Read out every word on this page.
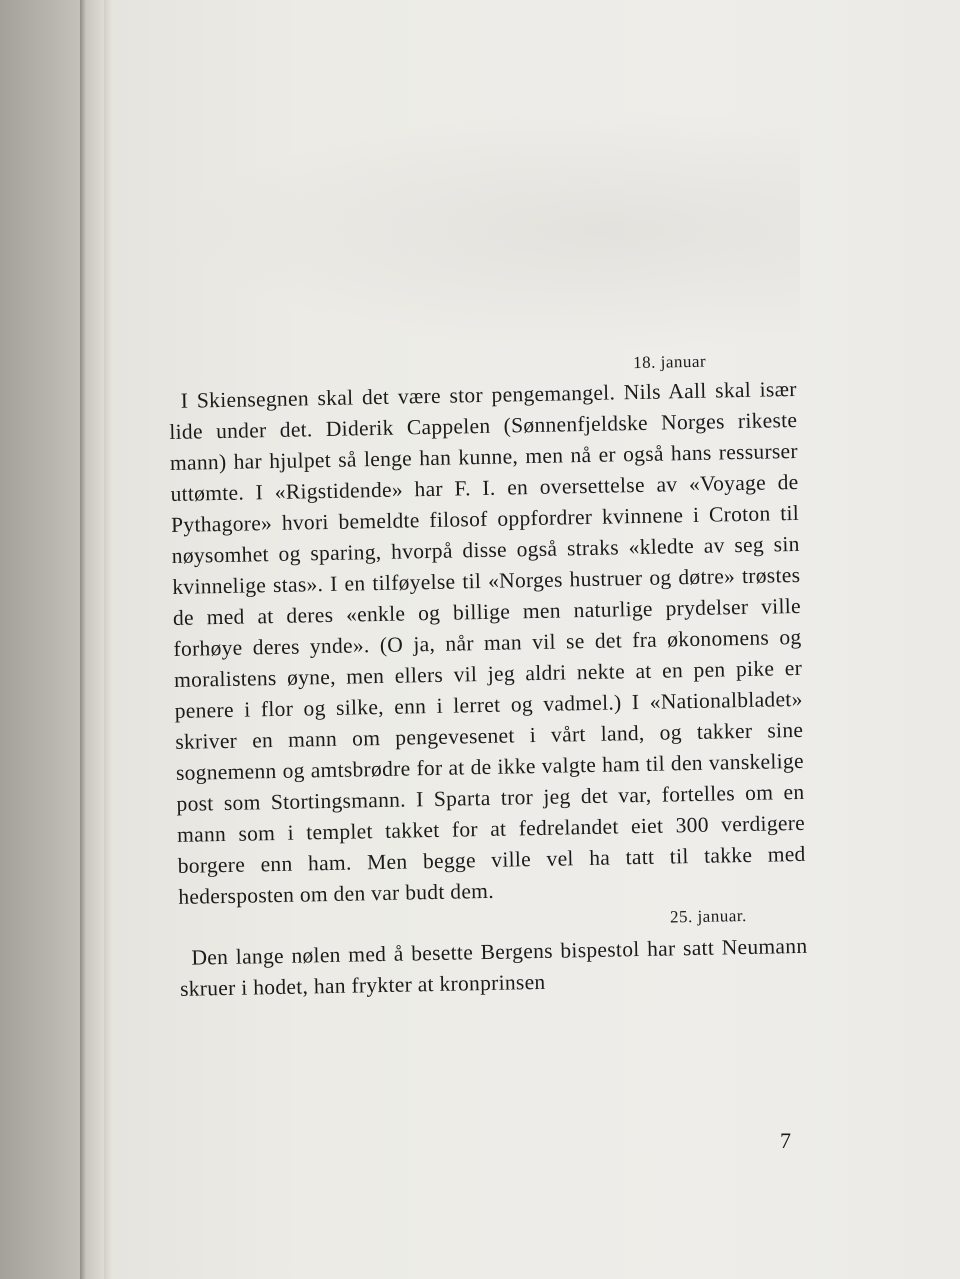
18. januar

I Skiensegnen skal det være stor pengemangel. Nils Aall skal især lide under det. Diderik Cappelen (Sønnenfjeldske Norges rikeste mann) har hjulpet så lenge han kunne, men nå er også hans ressurser uttømte. I «Rigstidende» har F. I. en oversettelse av «Voyage de Pythagore» hvori bemeldte filosof oppfordrer kvinnene i Croton til nøysomhet og sparing, hvorpå disse også straks «kledte av seg sin kvinnelige stas». I en tilføyelse til «Norges hustruer og døtre» trøstes de med at deres «enkle og billige men naturlige prydelser ville forhøye deres ynde». (O ja, når man vil se det fra økonomens og moralistens øyne, men ellers vil jeg aldri nekte at en pen pike er penere i flor og silke, enn i lerret og vadmel.) I «Nationalbladet» skriver en mann om pengevesenet i vårt land, og takker sine sognemenn og amtsbrødre for at de ikke valgte ham til den vanskelige post som Stortingsmann. I Sparta tror jeg det var, fortelles om en mann som i templet takket for at fedrelandet eiet 300 verdigere borgere enn ham. Men begge ville vel ha tatt til takke med hedersposten om den var budt dem.

25. januar.

Den lange nølen med å besette Bergens bispestol har satt Neumann skruer i hodet, han frykter at kronprinsen

7
